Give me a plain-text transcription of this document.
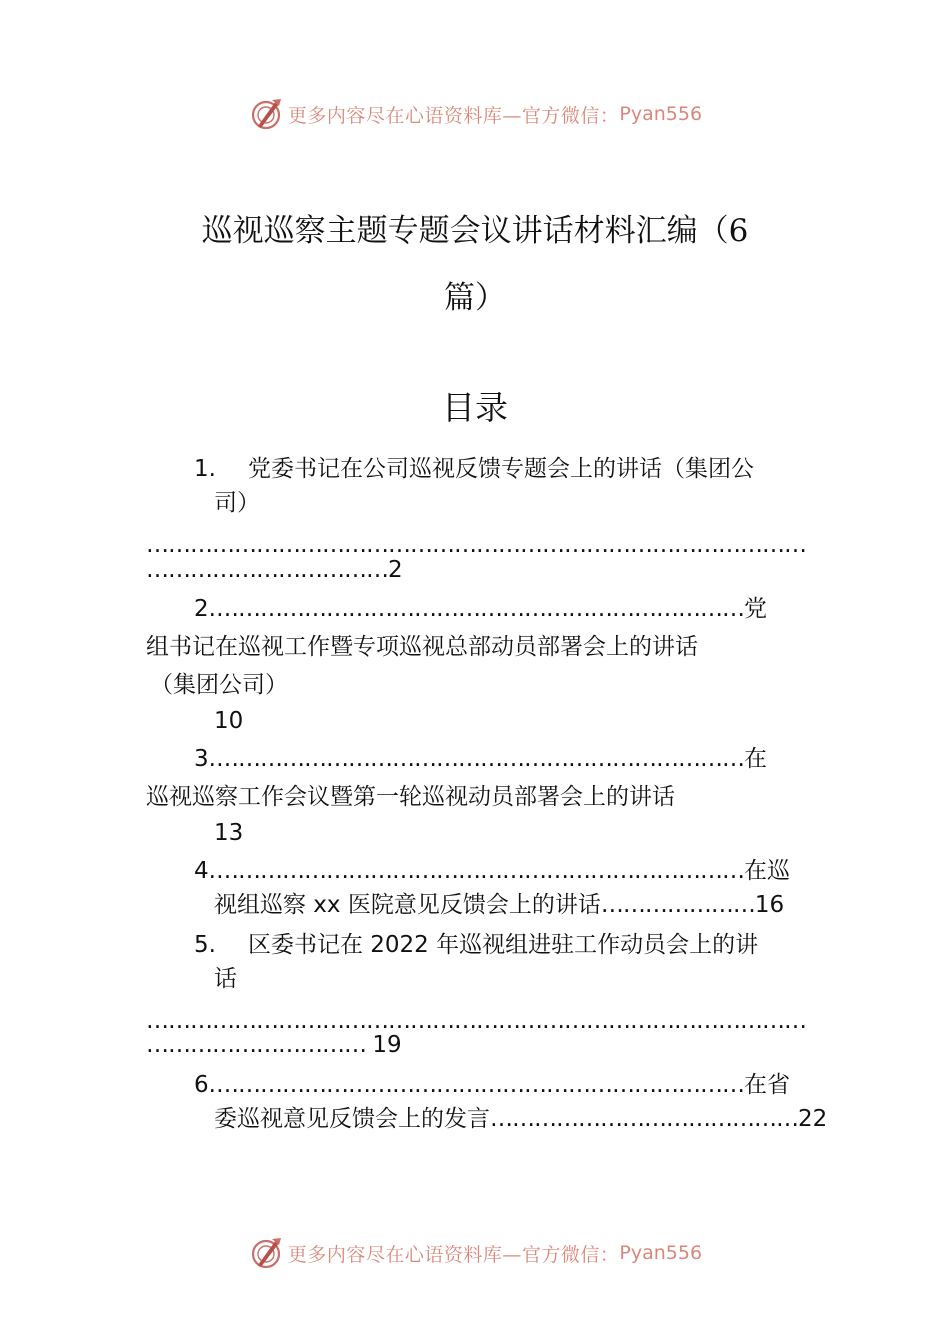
更多内容尽在心语资料库—官方微信： Pyan556
巡视巡察主题专题会议讲话材料汇编（6
篇）
目录
1. 党委书记在公司巡视反馈专题会上的讲话（集团公
司）
………………………………………………………………………………
……………………………2
2.………………………………………………………………党
组书记在巡视工作暨专项巡视总部动员部署会上的讲话
（集团公司）
10
3.………………………………………………………………在
巡视巡察工作会议暨第一轮巡视动员部署会上的讲话
13
4.………………………………………………………………在巡
视组巡察 xx 医院意见反馈会上的讲话…………………16
5. 区委书记在 2022 年巡视组进驻工作动员会上的讲
话
………………………………………………………………………………
………………………… 19
6.………………………………………………………………在省
委巡视意见反馈会上的发言……………………………………22
更多内容尽在心语资料库—官方微信： Pyan556
